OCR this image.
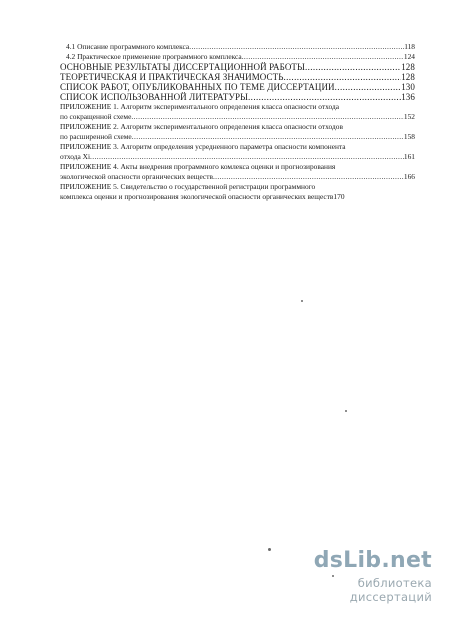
4.1 Описание программного комплекса .....	118
4.2 Практическое применение программного комплекса .....	124
ОСНОВНЫЕ РЕЗУЛЬТАТЫ ДИССЕРТАЦИОННОЙ РАБОТЫ .....	128
ТЕОРЕТИЧЕСКАЯ И ПРАКТИЧЕСКАЯ ЗНАЧИМОСТЬ .....	128
СПИСОК РАБОТ, ОПУБЛИКОВАННЫХ ПО ТЕМЕ ДИССЕРТАЦИИ .....	130
СПИСОК ИСПОЛЬЗОВАННОЙ ЛИТЕРАТУРЫ .....	136
ПРИЛОЖЕНИЕ 1. Алгоритм экспериментального определения класса опасности отхода
по сокращенной схеме .....	152
ПРИЛОЖЕНИЕ 2. Алгоритм экспериментального определения класса опасности отходов
по расширенной схеме .....	158
ПРИЛОЖЕНИЕ 3. Алгоритм определения усредненного параметра опасности компонента
отхода Xi .....	161
ПРИЛОЖЕНИЕ 4. Акты внедрения программного комлекса оценки и прогнозирования
экологической опасности органических веществ .....	166
ПРИЛОЖЕНИЕ 5. Свидетельство о государственной регистрации программного
комплекса оценки и прогнозирования экологической опасности органических веществ 170
dsLib.net
библиотека диссертаций
